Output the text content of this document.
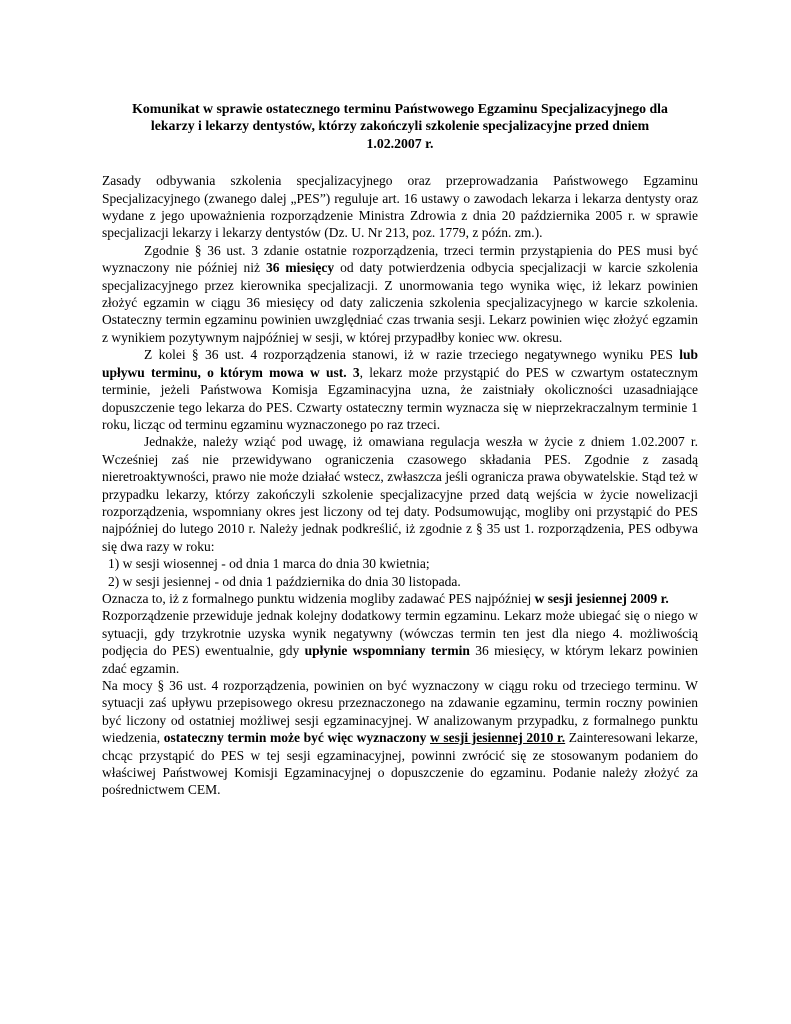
Komunikat w sprawie ostatecznego terminu Państwowego Egzaminu Specjalizacyjnego dla
lekarzy i lekarzy dentystów, którzy zakończyli szkolenie specjalizacyjne przed dniem
1.02.2007 r.

Zasady odbywania szkolenia specjalizacyjnego oraz przeprowadzania Państwowego Egzaminu Specjalizacyjnego (zwanego dalej „PES”) reguluje art. 16 ustawy o zawodach lekarza i lekarza dentysty oraz wydane z jego upoważnienia rozporządzenie Ministra Zdrowia z dnia 20 października 2005 r. w sprawie specjalizacji lekarzy i lekarzy dentystów (Dz. U. Nr 213, poz. 1779, z późn. zm.).

Zgodnie § 36 ust. 3 zdanie ostatnie rozporządzenia, trzeci termin przystąpienia do PES musi być wyznaczony nie później niż 36 miesięcy od daty potwierdzenia odbycia specjalizacji w karcie szkolenia specjalizacyjnego przez kierownika specjalizacji. Z unormowania tego wynika więc, iż lekarz powinien złożyć egzamin w ciągu 36 miesięcy od daty zaliczenia szkolenia specjalizacyjnego w karcie szkolenia. Ostateczny termin egzaminu powinien uwzględniać czas trwania sesji. Lekarz powinien więc złożyć egzamin z wynikiem pozytywnym najpóźniej w sesji, w której przypadłby koniec ww. okresu.

Z kolei § 36 ust. 4 rozporządzenia stanowi, iż w razie trzeciego negatywnego wyniku PES lub upływu terminu, o którym mowa w ust. 3, lekarz może przystąpić do PES w czwartym ostatecznym terminie, jeżeli Państwowa Komisja Egzaminacyjna uzna, że zaistniały okoliczności uzasadniające dopuszczenie tego lekarza do PES. Czwarty ostateczny termin wyznacza się w nieprzekraczalnym terminie 1 roku, licząc od terminu egzaminu wyznaczonego po raz trzeci.

Jednakże, należy wziąć pod uwagę, iż omawiana regulacja weszła w życie z dniem 1.02.2007 r. Wcześniej zaś nie przewidywano ograniczenia czasowego składania PES. Zgodnie z zasadą nieretroaktywności, prawo nie może działać wstecz, zwłaszcza jeśli ogranicza prawa obywatelskie. Stąd też w przypadku lekarzy, którzy zakończyli szkolenie specjalizacyjne przed datą wejścia w życie nowelizacji rozporządzenia, wspomniany okres jest liczony od tej daty. Podsumowując, mogliby oni przystąpić do PES najpóźniej do lutego 2010 r. Należy jednak podkreślić, iż zgodnie z § 35 ust 1. rozporządzenia, PES odbywa się dwa razy w roku:

1) w sesji wiosennej - od dnia 1 marca do dnia 30 kwietnia;
2) w sesji jesiennej - od dnia 1 października do dnia 30 listopada.

Oznacza to, iż z formalnego punktu widzenia mogliby zadawać PES najpóźniej w sesji jesiennej 2009 r.

Rozporządzenie przewiduje jednak kolejny dodatkowy termin egzaminu. Lekarz może ubiegać się o niego w sytuacji, gdy trzykrotnie uzyska wynik negatywny (wówczas termin ten jest dla niego 4. możliwością podjęcia do PES) ewentualnie, gdy upłynie wspomniany termin 36 miesięcy, w którym lekarz powinien zdać egzamin.

Na mocy § 36 ust. 4 rozporządzenia, powinien on być wyznaczony w ciągu roku od trzeciego terminu. W sytuacji zaś upływu przepisowego okresu przeznaczonego na zdawanie egzaminu, termin roczny powinien być liczony od ostatniej możliwej sesji egzaminacyjnej. W analizowanym przypadku, z formalnego punktu wiedzenia, ostateczny termin może być więc wyznaczony w sesji jesiennej 2010 r. Zainteresowani lekarze, chcąc przystąpić do PES w tej sesji egzaminacyjnej, powinni zwrócić się ze stosowanym podaniem do właściwej Państwowej Komisji Egzaminacyjnej o dopuszczenie do egzaminu. Podanie należy złożyć za pośrednictwem CEM.
